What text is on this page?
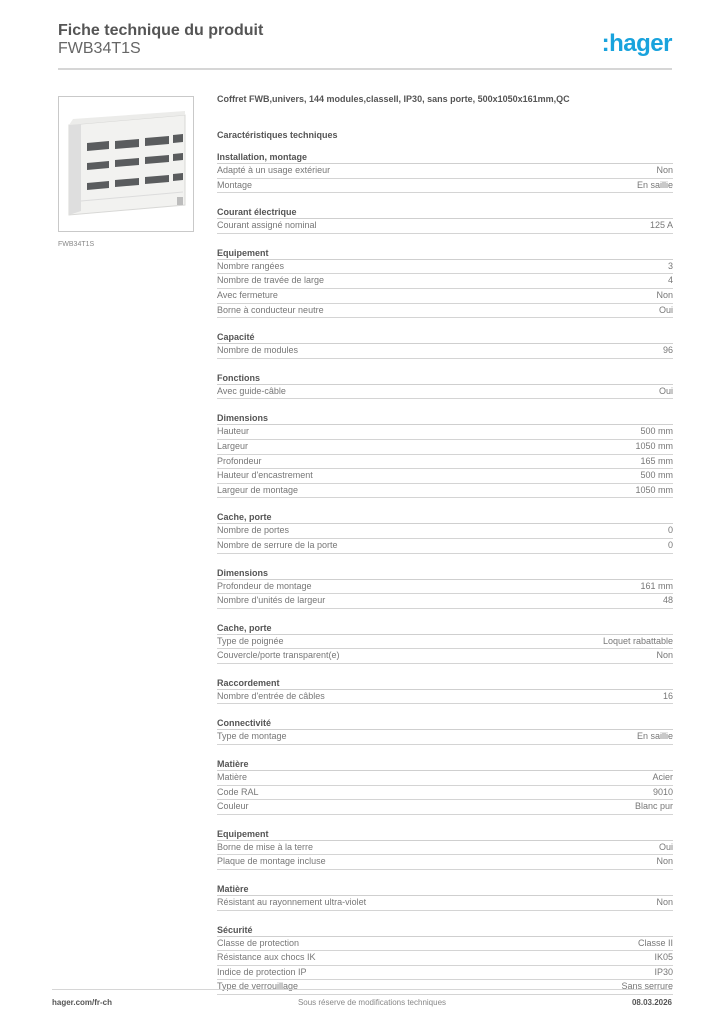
Fiche technique du produit
FWB34T1S	:hager
FWB34T1S
Coffret FWB,univers, 144 modules,classeII, IP30, sans porte, 500x1050x161mm,QC
Caractéristiques techniques
Installation, montage
Adapté à un usage extérieur	Non
Montage	En saillie
Courant électrique
Courant assigné nominal	125 A
Equipement
Nombre rangées	3
Nombre de travée de large	4
Avec fermeture	Non
Borne à conducteur neutre	Oui
Capacité
Nombre de modules	96
Fonctions
Avec guide-câble	Oui
Dimensions
Hauteur	500 mm
Largeur	1050 mm
Profondeur	165 mm
Hauteur d'encastrement	500 mm
Largeur de montage	1050 mm
Cache, porte
Nombre de portes	0
Nombre de serrure de la porte	0
Dimensions
Profondeur de montage	161 mm
Nombre d'unités de largeur	48
Cache, porte
Type de poignée	Loquet rabattable
Couvercle/porte transparent(e)	Non
Raccordement
Nombre d'entrée de câbles	16
Connectivité
Type de montage	En saillie
Matière
Matière	Acier
Code RAL	9010
Couleur	Blanc pur
Equipement
Borne de mise à la terre	Oui
Plaque de montage incluse	Non
Matière
Résistant au rayonnement ultra-violet	Non
Sécurité
Classe de protection	Classe II
Résistance aux chocs IK	IK05
Indice de protection IP	IP30
Type de verrouillage	Sans serrure
hager.com/fr-ch	Sous réserve de modifications techniques	08.03.2026
